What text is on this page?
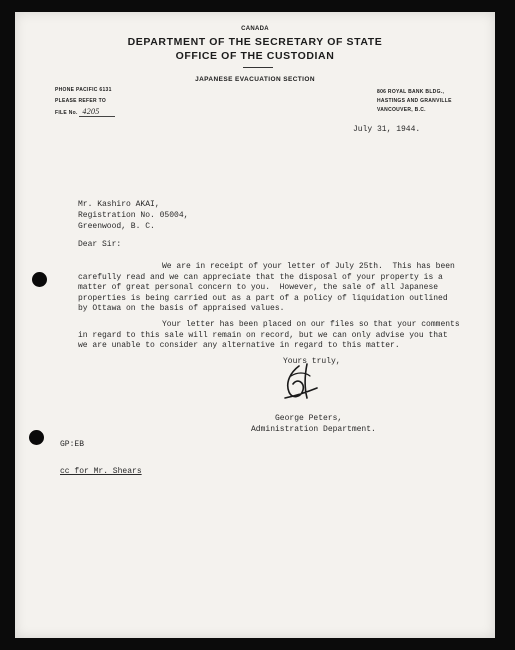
CANADA
DEPARTMENT OF THE SECRETARY OF STATE
OFFICE OF THE CUSTODIAN
JAPANESE EVACUATION SECTION
PHONE PACIFIC 6131
PLEASE REFER TO
FILE No. 4205
806 ROYAL BANK BLDG.,
HASTINGS AND GRANVILLE
VANCOUVER, B.C.
July 31, 1944.
Mr. Kashiro AKAI,
Registration No. 05004,
Greenwood, B. C.
Dear Sir:
We are in receipt of your letter of July 25th.  This has been
carefully read and we can appreciate that the disposal of your property is a
matter of great personal concern to you.  However, the sale of all Japanese
properties is being carried out as a part of a policy of liquidation outlined
by Ottawa on the basis of appraised values.
Your letter has been placed on our files so that your comments
in regard to this sale will remain on record, but we can only advise you that
we are unable to consider any alternative in regard to this matter.
Yours truly,
George Peters,
Administration Department.
GP:EB
cc for Mr. Shears
